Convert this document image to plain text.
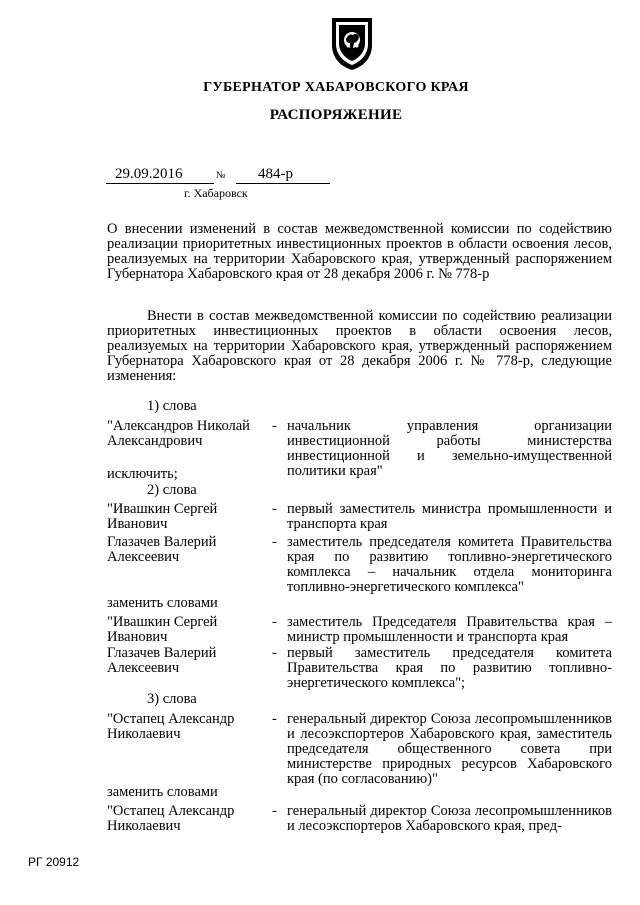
ГУБЕРНАТОР ХАБАРОВСКОГО КРАЯ
РАСПОРЯЖЕНИЕ
29.09.2016	№ 484-р
г. Хабаровск
О внесении изменений в состав межведомственной комиссии по содействию реализации приоритетных инвестиционных проектов в области освоения лесов, реализуемых на территории Хабаровского края, утвержденный распоряжением Губернатора Хабаровского края от 28 декабря 2006 г. № 778-р
Внести в состав межведомственной комиссии по содействию реализации приоритетных инвестиционных проектов в области освоения лесов, реализуемых на территории Хабаровского края, утвержденный распоряжением Губернатора Хабаровского края от 28 декабря 2006 г. № 778-р, следующие изменения:
1) слова
"Александров Николай Александрович
- начальник управления организации инвестиционной работы министерства инвестиционной и земельно-имущественной политики края"
исключить;
2) слова
"Ивашкин Сергей Иванович
- первый заместитель министра промышленности и транспорта края
Глазачев Валерий Алексеевич
- заместитель председателя комитета Правительства края по развитию топливно-энергетического комплекса – начальник отдела мониторинга топливно-энергетического комплекса"
заменить словами
"Ивашкин Сергей Иванович
- заместитель Председателя Правительства края – министр промышленности и транспорта края
Глазачев Валерий Алексеевич
- первый заместитель председателя комитета Правительства края по развитию топливно-энергетического комплекса";
3) слова
"Остапец Александр Николаевич
- генеральный директор Союза лесопромышленников и лесоэкспортеров Хабаровского края, заместитель председателя общественного совета при министерстве природных ресурсов Хабаровского края (по согласованию)"
заменить словами
"Остапец Александр Николаевич
- генеральный директор Союза лесопромышленников и лесоэкспортеров Хабаровского края, пред-
РГ 20912
